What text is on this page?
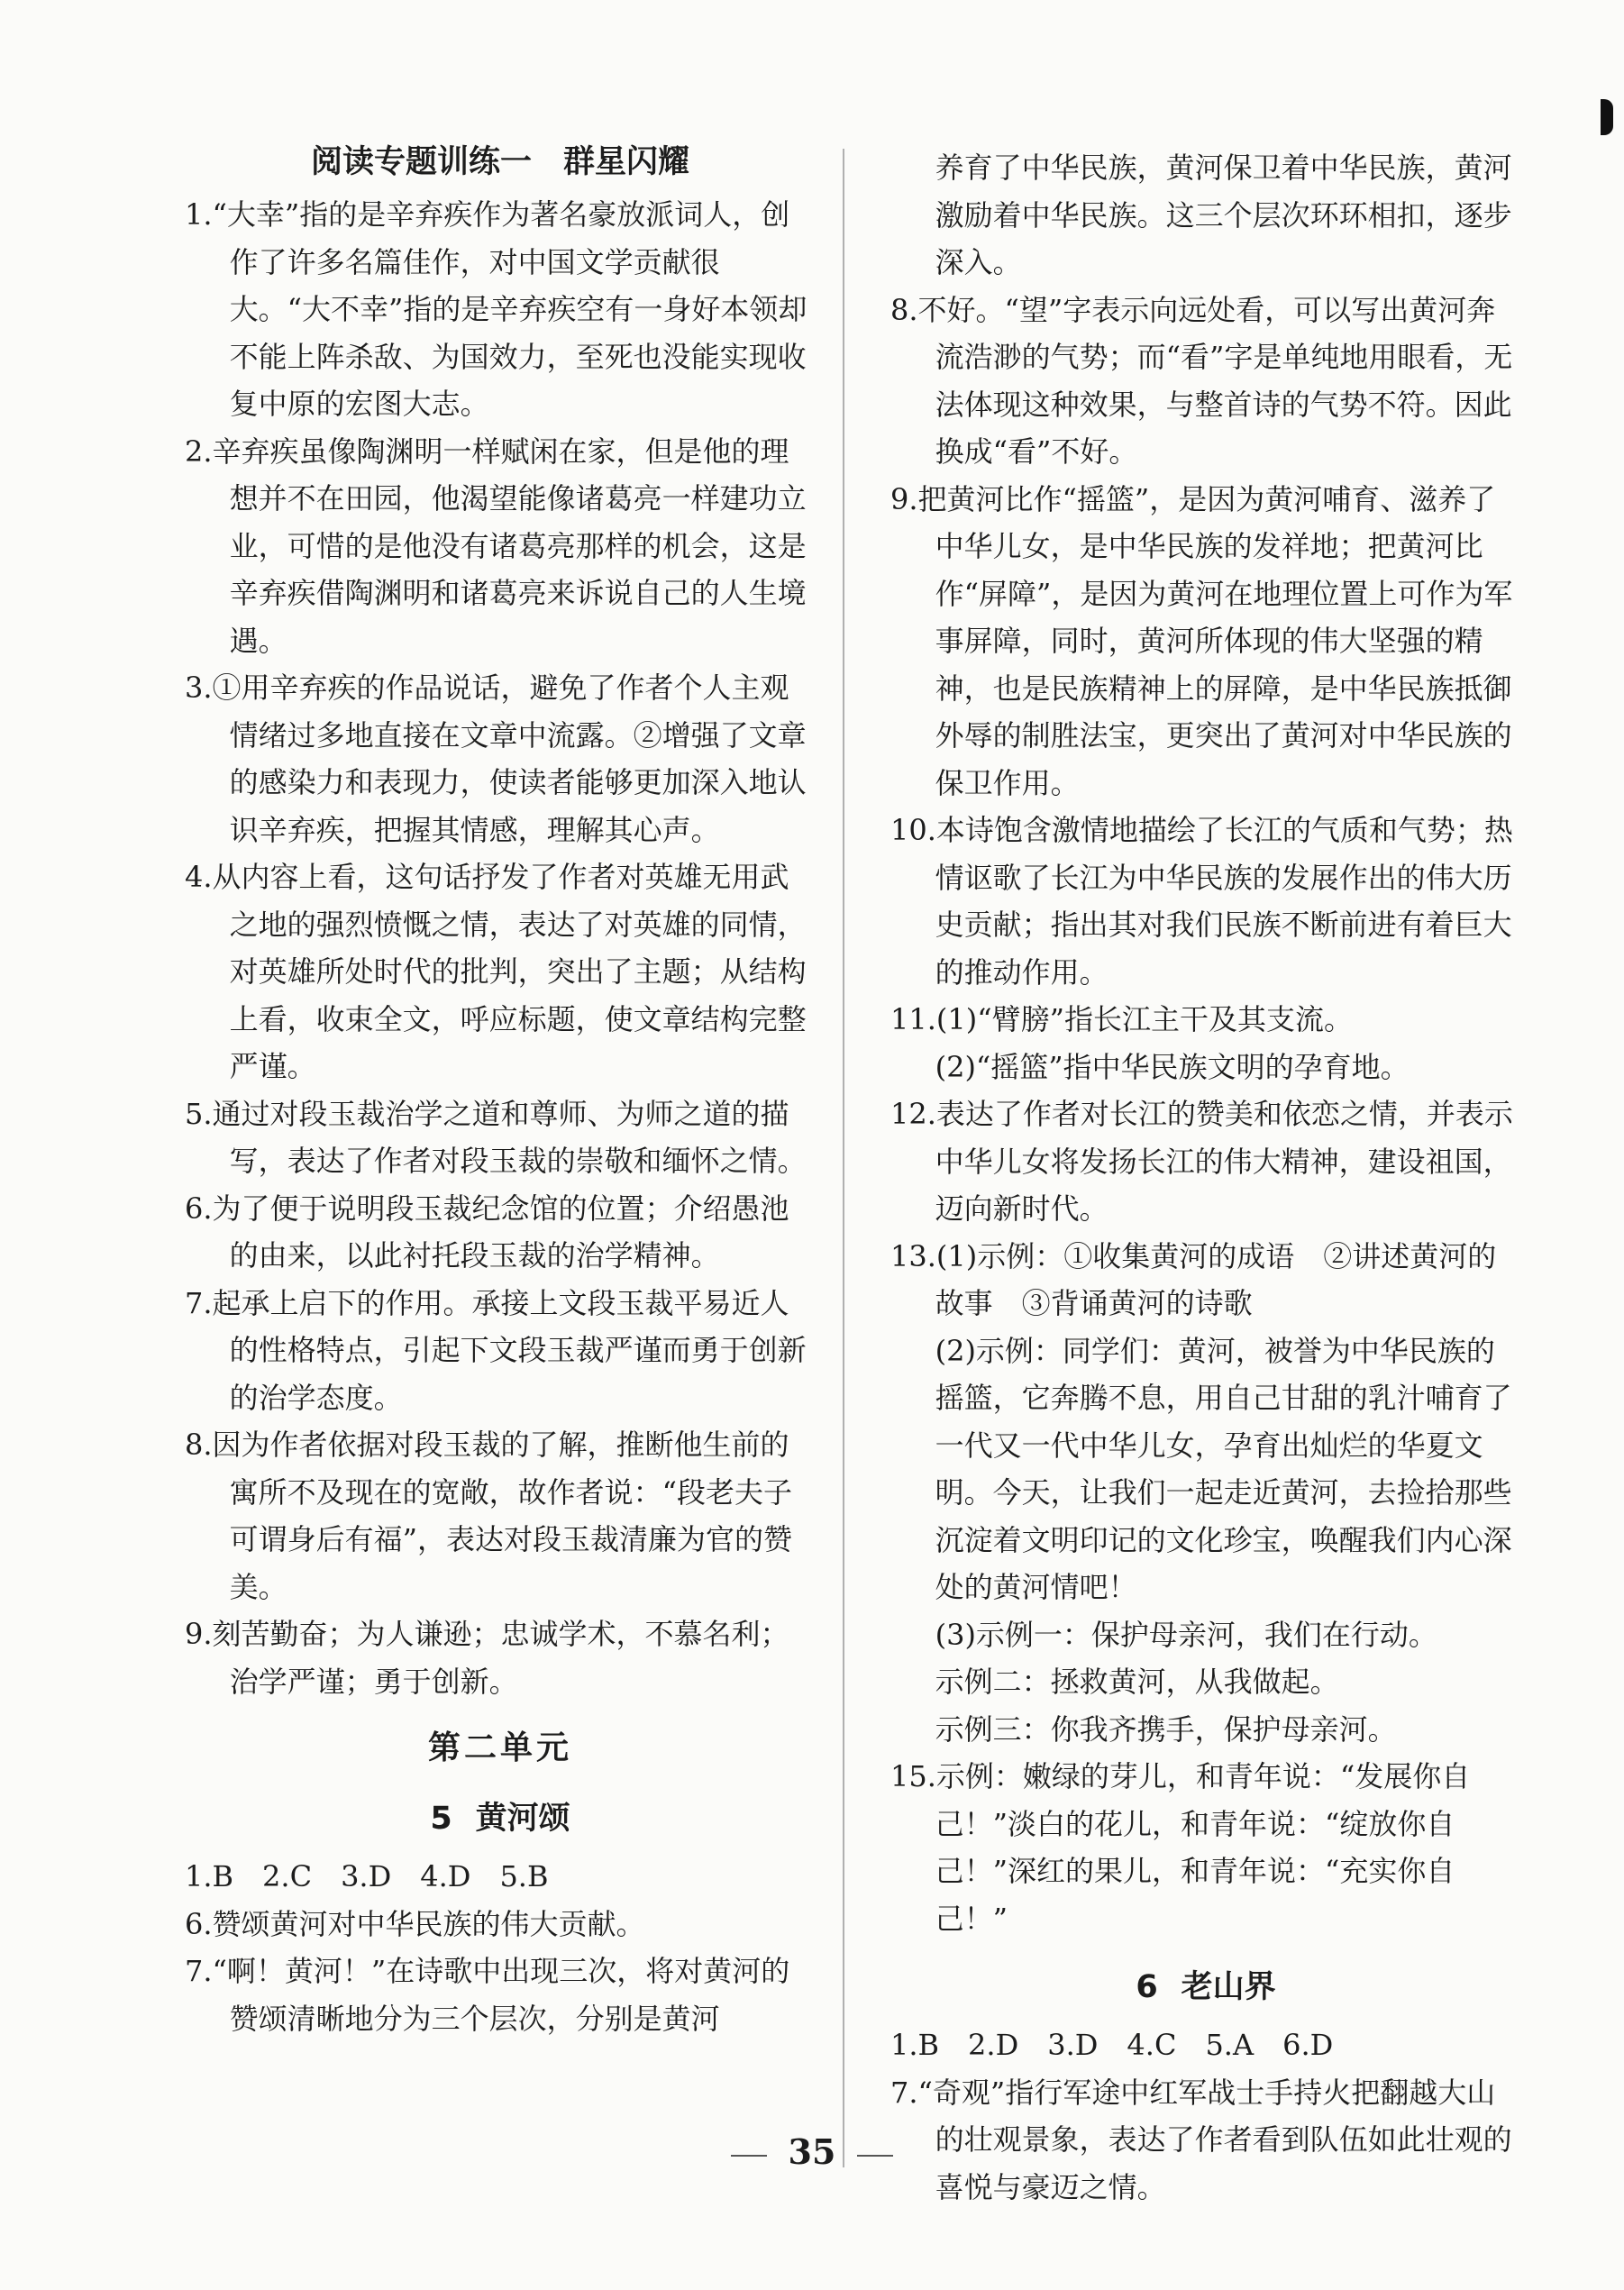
阅读专题训练一　群星闪耀

1.“大幸”指的是辛弃疾作为著名豪放派词人，创作了许多名篇佳作，对中国文学贡献很大。“大不幸”指的是辛弃疾空有一身好本领却不能上阵杀敌、为国效力，至死也没能实现收复中原的宏图大志。

2.辛弃疾虽像陶渊明一样赋闲在家，但是他的理想并不在田园，他渴望能像诸葛亮一样建功立业，可惜的是他没有诸葛亮那样的机会，这是辛弃疾借陶渊明和诸葛亮来诉说自己的人生境遇。

3.①用辛弃疾的作品说话，避免了作者个人主观情绪过多地直接在文章中流露。②增强了文章的感染力和表现力，使读者能够更加深入地认识辛弃疾，把握其情感，理解其心声。

4.从内容上看，这句话抒发了作者对英雄无用武之地的强烈愤慨之情，表达了对英雄的同情，对英雄所处时代的批判，突出了主题；从结构上看，收束全文，呼应标题，使文章结构完整严谨。

5.通过对段玉裁治学之道和尊师、为师之道的描写，表达了作者对段玉裁的崇敬和缅怀之情。

6.为了便于说明段玉裁纪念馆的位置；介绍愚池的由来，以此衬托段玉裁的治学精神。

7.起承上启下的作用。承接上文段玉裁平易近人的性格特点，引起下文段玉裁严谨而勇于创新的治学态度。

8.因为作者依据对段玉裁的了解，推断他生前的寓所不及现在的宽敞，故作者说：“段老夫子可谓身后有福”，表达对段玉裁清廉为官的赞美。

9.刻苦勤奋；为人谦逊；忠诚学术，不慕名利；治学严谨；勇于创新。

第二单元
5 黄河颂

1.B　2.C　3.D　4.D　5.B

6.赞颂黄河对中华民族的伟大贡献。

7.“啊！黄河！”在诗歌中出现三次，将对黄河的赞颂清晰地分为三个层次，分别是黄河

养育了中华民族，黄河保卫着中华民族，黄河激励着中华民族。这三个层次环环相扣，逐步深入。

8.不好。“望”字表示向远处看，可以写出黄河奔流浩渺的气势；而“看”字是单纯地用眼看，无法体现这种效果，与整首诗的气势不符。因此换成“看”不好。

9.把黄河比作“摇篮”，是因为黄河哺育、滋养了中华儿女，是中华民族的发祥地；把黄河比作“屏障”，是因为黄河在地理位置上可作为军事屏障，同时，黄河所体现的伟大坚强的精神，也是民族精神上的屏障，是中华民族抵御外辱的制胜法宝，更突出了黄河对中华民族的保卫作用。

10.本诗饱含激情地描绘了长江的气质和气势；热情讴歌了长江为中华民族的发展作出的伟大历史贡献；指出其对我们民族不断前进有着巨大的推动作用。

11.(1)“臂膀”指长江主干及其支流。

(2)“摇篮”指中华民族文明的孕育地。

12.表达了作者对长江的赞美和依恋之情，并表示中华儿女将发扬长江的伟大精神，建设祖国，迈向新时代。

13.(1)示例：①收集黄河的成语　②讲述黄河的故事　③背诵黄河的诗歌

(2)示例：同学们：黄河，被誉为中华民族的摇篮，它奔腾不息，用自己甘甜的乳汁哺育了一代又一代中华儿女，孕育出灿烂的华夏文明。今天，让我们一起走近黄河，去捡拾那些沉淀着文明印记的文化珍宝，唤醒我们内心深处的黄河情吧！

(3)示例一：保护母亲河，我们在行动。

示例二：拯救黄河，从我做起。

示例三：你我齐携手，保护母亲河。

15.示例：嫩绿的芽儿，和青年说：“发展你自己！”淡白的花儿，和青年说：“绽放你自己！”深红的果儿，和青年说：“充实你自己！”

6 老山界

1.B　2.D　3.D　4.C　5.A　6.D

7.“奇观”指行军途中红军战士手持火把翻越大山的壮观景象，表达了作者看到队伍如此壮观的喜悦与豪迈之情。

35
